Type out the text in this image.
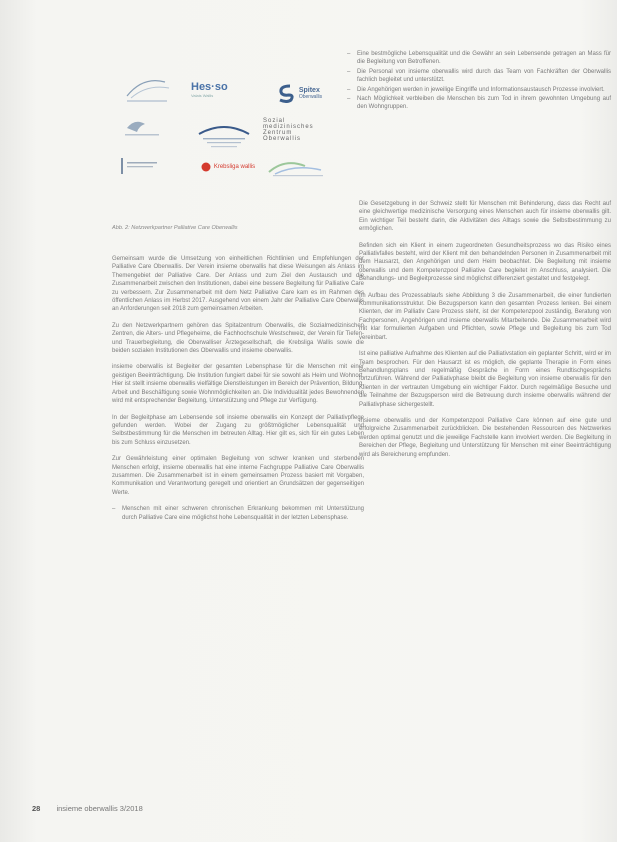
Hes·so
Valais Wallis
Spitex
Oberwallis
Sozial
medizinisches
Zentrum
Oberwallis
Krebsliga wallis
Abb. 2: Netzwerkpartner Palliative Care Oberwallis
– Eine bestmögliche Lebensqualität und die Gewähr an sein Lebensende getragen an Mass für die Begleitung von Betroffenen.
– Die Personal von insieme oberwallis wird durch das Team von Fachkräften der Oberwallis fachlich begleitet und unterstützt.
– Die Angehörigen werden in jeweilige Eingriffe und Informationsaustausch Prozesse involviert.
– Nach Möglichkeit verbleiben die Menschen bis zum Tod in ihrem gewohnten Umgebung auf den Wohngruppen.

Gemeinsam wurde die Umsetzung von einheitlichen Richtlinien und Empfehlungen der Palliative Care Oberwallis. Der Verein insieme oberwallis hat diese Weisungen als Anlass im Themengebiet der Palliative Care. Der Anlass und zum Ziel den Austausch und die Zusammenarbeit zwischen den Institutionen, dabei eine bessere Begleitung für Palliative Care zu verbessern. Zur Zusammenarbeit mit dem Netz Palliative Care kam es im Rahmen des öffentlichen Anlass im Herbst 2017. Ausgehend von einem Jahr der Palliative Care Oberwallis an Anforderungen seit 2018 zum gemeinsamen Arbeiten.

Zu den Netzwerkpartnern gehören das Spitalzentrum Oberwallis, die Sozialmedizinischen Zentren, die Alters- und Pflegeheime, die Fachhochschule Westschweiz, der Verein für Tiefen- und Trauerbegleitung, die Oberwalliser Ärztegesellschaft, die Krebsliga Wallis sowie die beiden sozialen Institutionen des Oberwallis und insieme oberwallis.

insieme oberwallis ist Begleiter der gesamten Lebensphase für die Menschen mit einer geistigen Beeinträchtigung. Die Institution fungiert dabei für sie sowohl als Heim und Wohnort. Hier ist stellt insieme oberwallis vielfältige Dienstleistungen im Bereich der Prävention, Bildung, Arbeit und Beschäftigung sowie Wohnmöglichkeiten an. Die Individualität jedes Bewohnenden wird mit entsprechender Begleitung, Unterstützung und Pflege zur Verfügung.

In der Begleitphase am Lebensende soll insieme oberwallis ein Konzept der Palliativpflege gefunden werden. Wobei der Zugang zu größtmöglicher Lebensqualität und Selbstbestimmung für die Menschen im betreuten Alltag. Hier gilt es, sich für ein gutes Leben bis zum Schluss einzusetzen.

Zur Gewährleistung einer optimalen Begleitung von schwer kranken und sterbenden Menschen erfolgt, insieme oberwallis hat eine interne Fachgruppe Palliative Care Oberwallis zusammen. Die Zusammenarbeit ist in einem gemeinsamen Prozess basiert mit Vorgaben, Kommunikation und Verantwortung geregelt und orientiert an Grundsätzen der gegenseitigen Werte.

– Menschen mit einer schweren chronischen Erkrankung bekommen mit Unterstützung durch Palliative Care eine möglichst hohe Lebensqualität in der letzten Lebensphase.

Die Gesetzgebung in der Schweiz stellt für Menschen mit Behinderung, dass das Recht auf eine gleichwertige medizinische Versorgung eines Menschen auch für insieme oberwallis gilt. Ein wichtiger Teil besteht darin, die Aktivitäten des Alltags sowie die Selbstbestimmung zu ermöglichen.

Befinden sich ein Klient in einem zugeordneten Gesundheitsprozess wo das Risiko eines Palliativfalles besteht, wird der Klient mit den behandelnden Personen in Zusammenarbeit mit dem Hausarzt, den Angehörigen und dem Heim beobachtet. Die Begleitung mit insieme oberwallis und dem Kompetenzpool Palliative Care begleitet im Anschluss, analysiert. Die Behandlungs- und Begleitprozesse sind möglichst differenziert gestaltet und festgelegt.

Im Aufbau des Prozessablaufs siehe Abbildung 3 die Zusammenarbeit, die einer fundierten Kommunikationsstruktur. Die Bezugsperson kann den gesamten Prozess lenken. Bei einem Klienten, der im Palliativ Care Prozess steht, ist der Kompetenzpool zuständig, Beratung von Fachpersonen, Angehörigen und insieme oberwallis Mitarbeitende. Die Zusammenarbeit wird mit klar formulierten Aufgaben und Pflichten, sowie Pflege und Begleitung bis zum Tod vereinbart.

Ist eine palliative Aufnahme des Klienten auf die Palliativstation ein geplanter Schritt, wird er im Team besprochen. Für den Hausarzt ist es möglich, die geplante Therapie in Form eines Behandlungsplans und regelmäßig Gespräche in Form eines Rundtischgesprächs fortzuführen. Während der Palliativphase bleibt die Begleitung von insieme oberwallis für den Klienten in der vertrauten Umgebung ein wichtiger Faktor. Durch regelmäßige Besuche und die Teilnahme der Bezugsperson wird die Betreuung durch insieme oberwallis während der Palliativphase sichergestellt.

Insieme oberwallis und der Kompetenzpool Palliative Care können auf eine gute und erfolgreiche Zusammenarbeit zurückblicken. Die bestehenden Ressourcen des Netzwerkes werden optimal genutzt und die jeweilige Fachstelle kann involviert werden. Die Begleitung in Bereichen der Pflege, Begleitung und Unterstützung für Menschen mit einer Beeinträchtigung wird als Bereicherung empfunden.

28 insieme oberwallis 3/2018
